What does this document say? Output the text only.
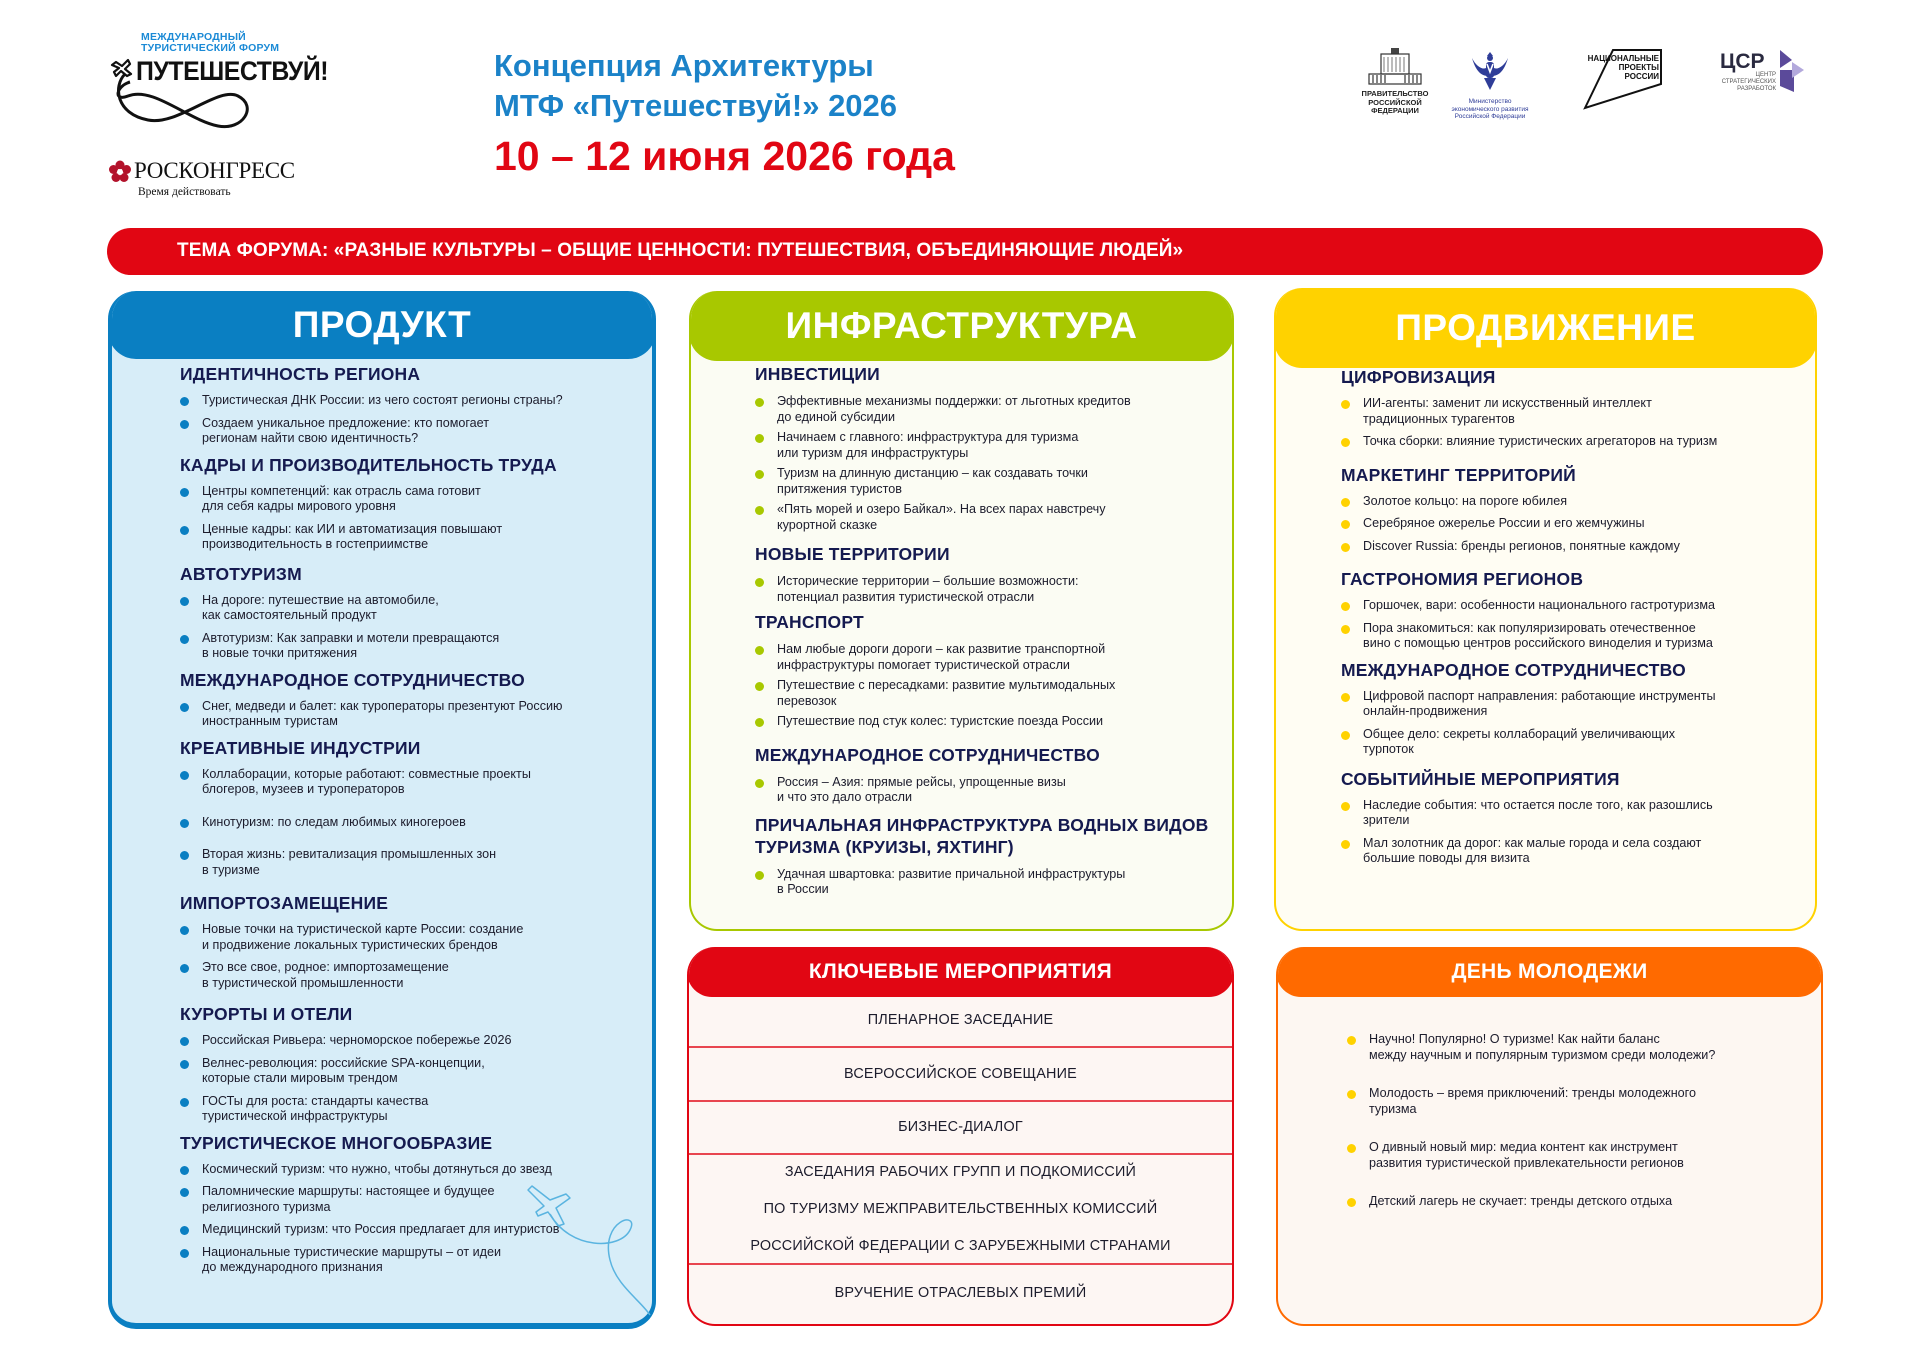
МЕЖДУНАРОДНЫЙ
ТУРИСТИЧЕСКИЙ ФОРУМ
ПУТЕШЕСТВУЙ!
РОСКОНГРЕСС
Время действовать
Концепция Архитектуры
МТФ «Путешествуй!» 2026
10 – 12 июня 2026 года
ПРАВИТЕЛЬСТВО
РОССИЙСКОЙ
ФЕДЕРАЦИИ
Министерство
экономического развития
Российской Федерации
НАЦИОНАЛЬНЫЕ
ПРОЕКТЫ
РОССИИ
ЦСР
ЦЕНТР
СТРАТЕГИЧЕСКИХ
РАЗРАБОТОК
ТЕМА ФОРУМА: «РАЗНЫЕ КУЛЬТУРЫ – ОБЩИЕ ЦЕННОСТИ: ПУТЕШЕСТВИЯ, ОБЪЕДИНЯЮЩИЕ ЛЮДЕЙ»
ПРОДУКТ
ИДЕНТИЧНОСТЬ РЕГИОНА
Туристическая ДНК России: из чего состоят регионы страны?
Создаем уникальное предложение: кто помогает
регионам найти свою идентичность?
КАДРЫ И ПРОИЗВОДИТЕЛЬНОСТЬ ТРУДА
Центры компетенций: как отрасль сама готовит
для себя кадры мирового уровня
Ценные кадры: как ИИ и автоматизация повышают
производительность в гостеприимстве
АВТОТУРИЗМ
На дороге: путешествие на автомобиле,
как самостоятельный продукт
Автотуризм: Как заправки и мотели превращаются
в новые точки притяжения
МЕЖДУНАРОДНОЕ СОТРУДНИЧЕСТВО
Снег, медведи и балет: как туроператоры презентуют Россию
иностранным туристам
КРЕАТИВНЫЕ ИНДУСТРИИ
Коллаборации, которые работают: совместные проекты
блогеров, музеев и туроператоров
Кинотуризм: по следам любимых киногероев
Вторая жизнь: ревитализация промышленных зон
в туризме
ИМПОРТОЗАМЕЩЕНИЕ
Новые точки на туристической карте России: создание
и продвижение локальных туристических брендов
Это все свое, родное: импортозамещение
в туристической промышленности
КУРОРТЫ И ОТЕЛИ
Российская Ривьера: черноморское побережье 2026
Велнес-революция: российские SPA-концепции,
которые стали мировым трендом
ГОСТы для роста: стандарты качества
туристической инфраструктуры
ТУРИСТИЧЕСКОЕ МНОГООБРАЗИЕ
Космический туризм: что нужно, чтобы дотянуться до звезд
Паломнические маршруты: настоящее и будущее
религиозного туризма
Медицинский туризм: что Россия предлагает для интуристов
Национальные туристические маршруты – от идеи
до международного признания
ИНФРАСТРУКТУРА
ИНВЕСТИЦИИ
Эффективные механизмы поддержки: от льготных кредитов
до единой субсидии
Начинаем с главного: инфраструктура для туризма
или туризм для инфраструктуры
Туризм на длинную дистанцию – как создавать точки
притяжения туристов
«Пять морей и озеро Байкал». На всех парах навстречу
курортной сказке
НОВЫЕ ТЕРРИТОРИИ
Исторические территории – большие возможности:
потенциал развития туристической отрасли
ТРАНСПОРТ
Нам любые дороги дороги – как развитие транспортной
инфраструктуры помогает туристической отрасли
Путешествие с пересадками: развитие мультимодальных
перевозок
Путешествие под стук колес: туристские поезда России
МЕЖДУНАРОДНОЕ СОТРУДНИЧЕСТВО
Россия – Азия: прямые рейсы, упрощенные визы
и что это дало отрасли
ПРИЧАЛЬНАЯ ИНФРАСТРУКТУРА ВОДНЫХ ВИДОВ ТУРИЗМА (КРУИЗЫ, ЯХТИНГ)
Удачная швартовка: развитие причальной инфраструктуры
в России
ПРОДВИЖЕНИЕ
ЦИФРОВИЗАЦИЯ
ИИ-агенты: заменит ли искусственный интеллект
традиционных турагентов
Точка сборки: влияние туристических агрегаторов на туризм
МАРКЕТИНГ ТЕРРИТОРИЙ
Золотое кольцо: на пороге юбилея
Серебряное ожерелье России и его жемчужины
Discover Russia: бренды регионов, понятные каждому
ГАСТРОНОМИЯ РЕГИОНОВ
Горшочек, вари: особенности национального гастротуризма
Пора знакомиться: как популяризировать отечественное
вино с помощью центров российского виноделия и туризма
МЕЖДУНАРОДНОЕ СОТРУДНИЧЕСТВО
Цифровой паспорт направления: работающие инструменты
онлайн-продвижения
Общее дело: секреты коллабораций увеличивающих
турпоток
СОБЫТИЙНЫЕ МЕРОПРИЯТИЯ
Наследие события: что остается после того, как разошлись
зрители
Мал золотник да дорог: как малые города и села создают
большие поводы для визита
КЛЮЧЕВЫЕ МЕРОПРИЯТИЯ
ПЛЕНАРНОЕ ЗАСЕДАНИЕ
ВСЕРОССИЙСКОЕ СОВЕЩАНИЕ
БИЗНЕС-ДИАЛОГ
ЗАСЕДАНИЯ РАБОЧИХ ГРУПП И ПОДКОМИССИЙ
ПО ТУРИЗМУ МЕЖПРАВИТЕЛЬСТВЕННЫХ КОМИССИЙ
РОССИЙСКОЙ ФЕДЕРАЦИИ С ЗАРУБЕЖНЫМИ СТРАНАМИ
ВРУЧЕНИЕ ОТРАСЛЕВЫХ ПРЕМИЙ
ДЕНЬ МОЛОДЕЖИ
Научно! Популярно! О туризме! Как найти баланс
между научным и популярным туризмом среди молодежи?
Молодость – время приключений: тренды молодежного
туризма
О дивный новый мир: медиа контент как инструмент
развития туристической привлекательности регионов
Детский лагерь не скучает: тренды детского отдыха
